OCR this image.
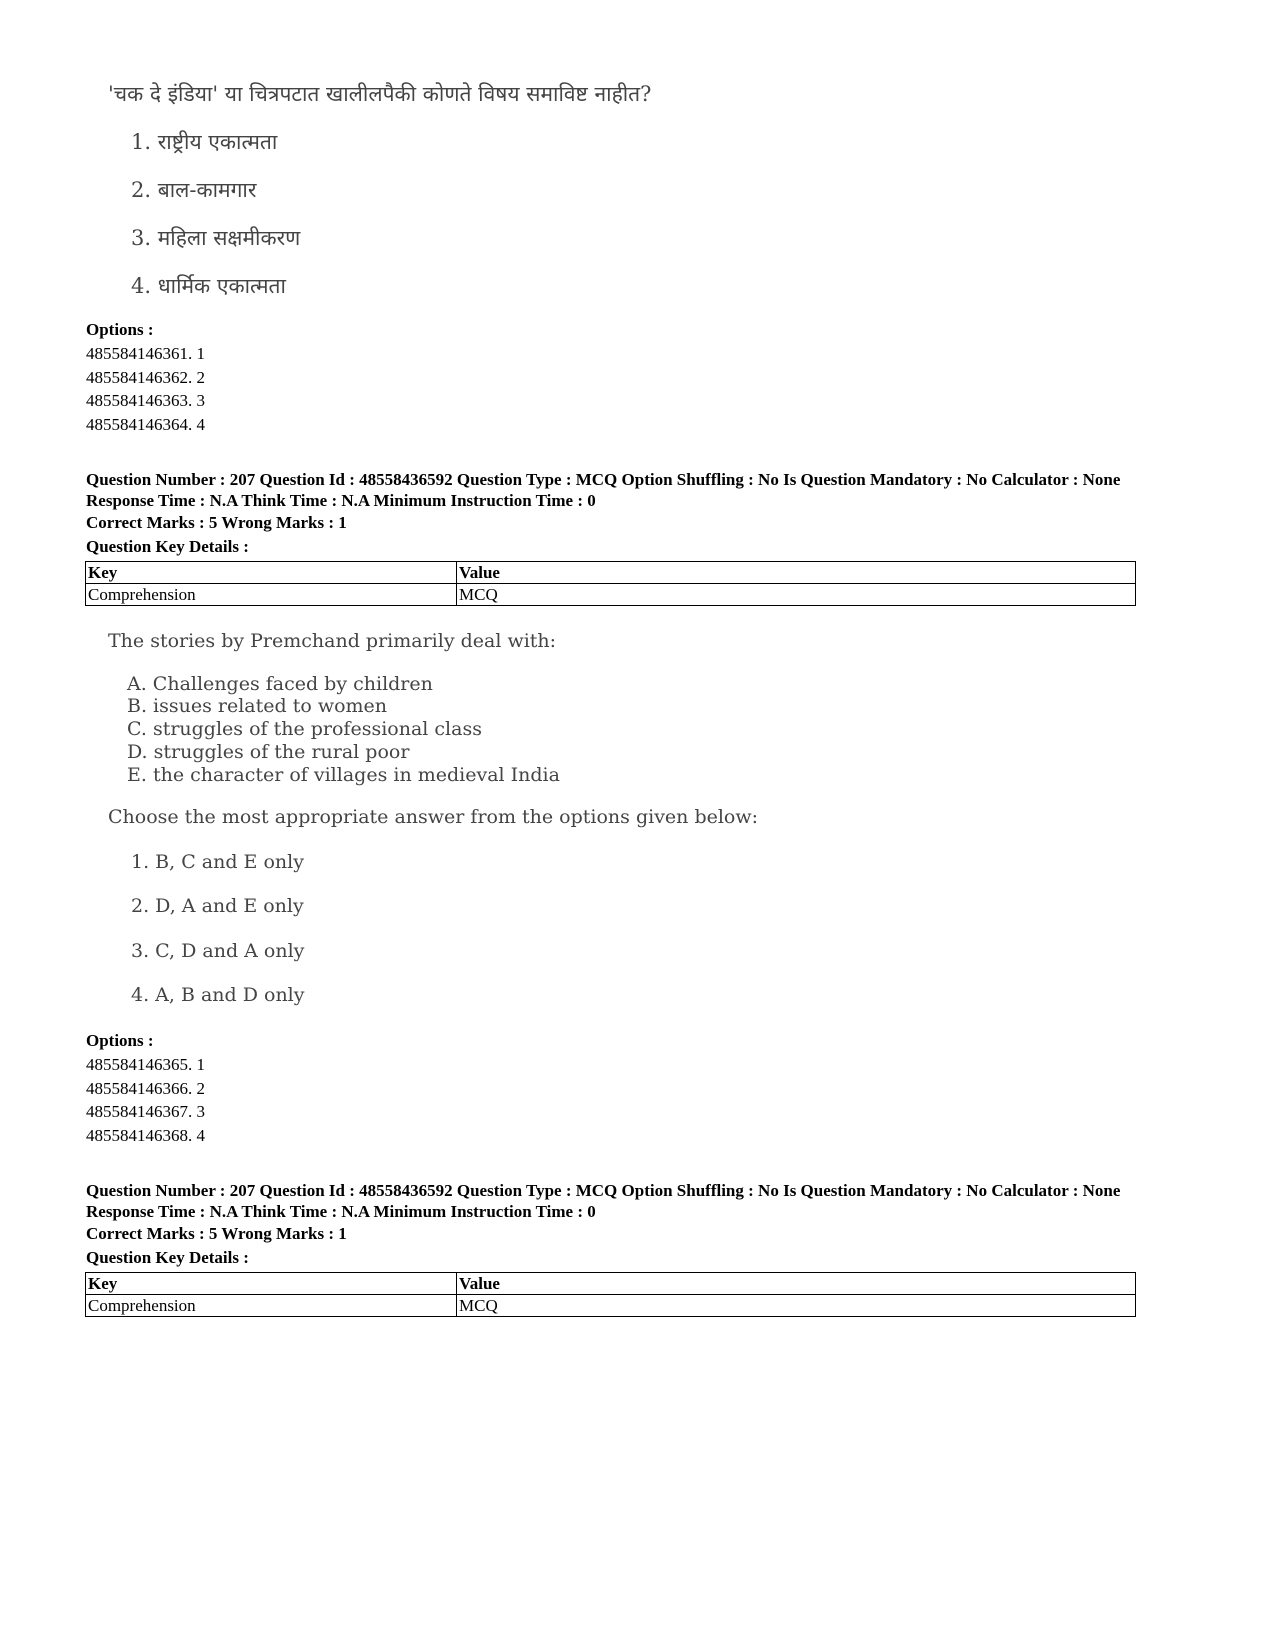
'चक दे इंडिया' या चित्रपटात खालीलपैकी कोणते विषय समाविष्ट नाहीत?
1. राष्ट्रीय एकात्मता
2. बाल-कामगार
3. महिला सक्षमीकरण
4. धार्मिक एकात्मता
Options :
485584146361. 1
485584146362. 2
485584146363. 3
485584146364. 4
Question Number : 207 Question Id : 48558436592 Question Type : MCQ Option Shuffling : No Is Question Mandatory : No Calculator : None Response Time : N.A Think Time : N.A Minimum Instruction Time : 0
Correct Marks : 5 Wrong Marks : 1
Question Key Details :
Key	Value
Comprehension	MCQ
The stories by Premchand primarily deal with:
A. Challenges faced by children
B. issues related to women
C. struggles of the professional class
D. struggles of the rural poor
E. the character of villages in medieval India
Choose the most appropriate answer from the options given below:
1. B, C and E only
2. D, A and E only
3. C, D and A only
4. A, B and D only
Options :
485584146365. 1
485584146366. 2
485584146367. 3
485584146368. 4
Question Number : 207 Question Id : 48558436592 Question Type : MCQ Option Shuffling : No Is Question Mandatory : No Calculator : None Response Time : N.A Think Time : N.A Minimum Instruction Time : 0
Correct Marks : 5 Wrong Marks : 1
Question Key Details :
Key	Value
Comprehension	MCQ
